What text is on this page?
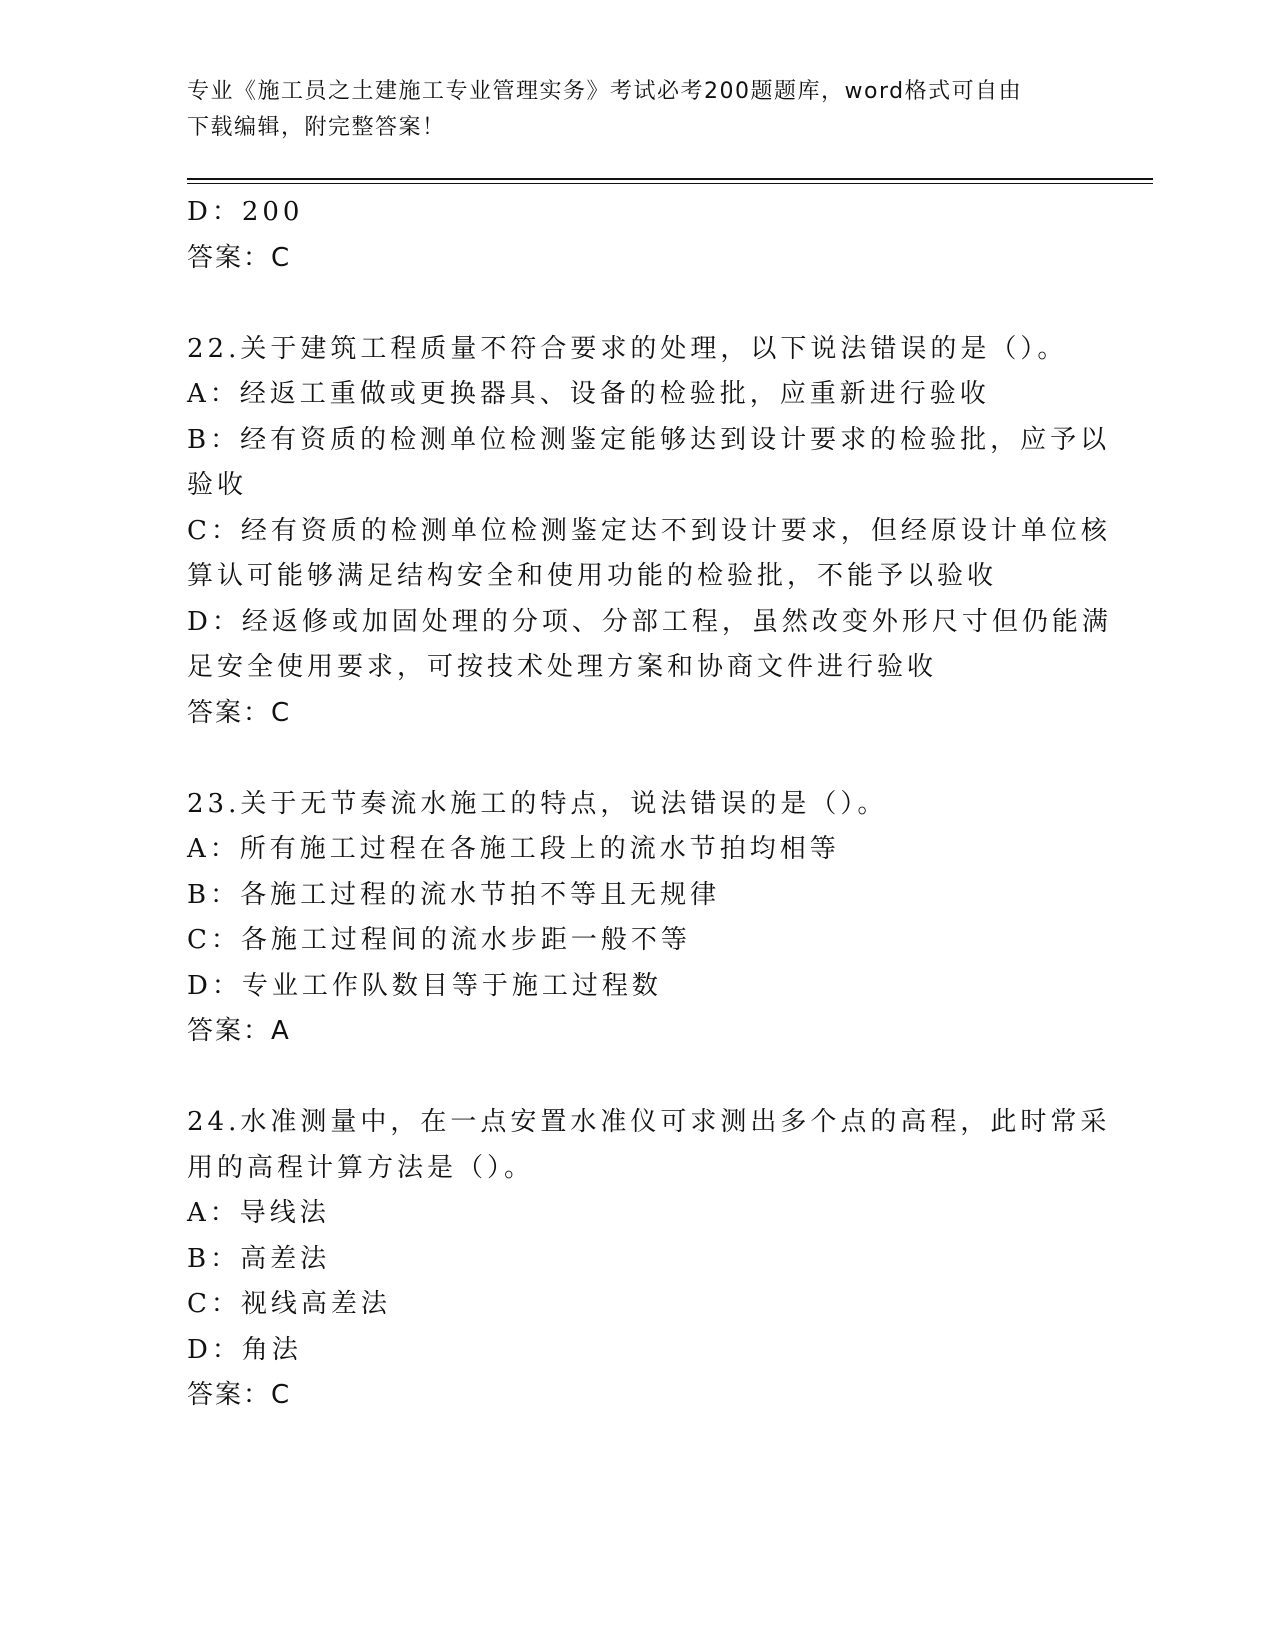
专业《施工员之土建施工专业管理实务》考试必考200题题库，word格式可自由
下载编辑，附完整答案！
D：200
答案：C
22.关于建筑工程质量不符合要求的处理，以下说法错误的是（）。
A：经返工重做或更换器具、设备的检验批，应重新进行验收
B：经有资质的检测单位检测鉴定能够达到设计要求的检验批，应予以
验收
C：经有资质的检测单位检测鉴定达不到设计要求，但经原设计单位核
算认可能够满足结构安全和使用功能的检验批，不能予以验收
D：经返修或加固处理的分项、分部工程，虽然改变外形尺寸但仍能满
足安全使用要求，可按技术处理方案和协商文件进行验收
答案：C
23.关于无节奏流水施工的特点，说法错误的是（）。
A：所有施工过程在各施工段上的流水节拍均相等
B：各施工过程的流水节拍不等且无规律
C：各施工过程间的流水步距一般不等
D：专业工作队数目等于施工过程数
答案：A
24.水准测量中，在一点安置水准仪可求测出多个点的高程，此时常采
用的高程计算方法是（）。
A：导线法
B：高差法
C：视线高差法
D：角法
答案：C
